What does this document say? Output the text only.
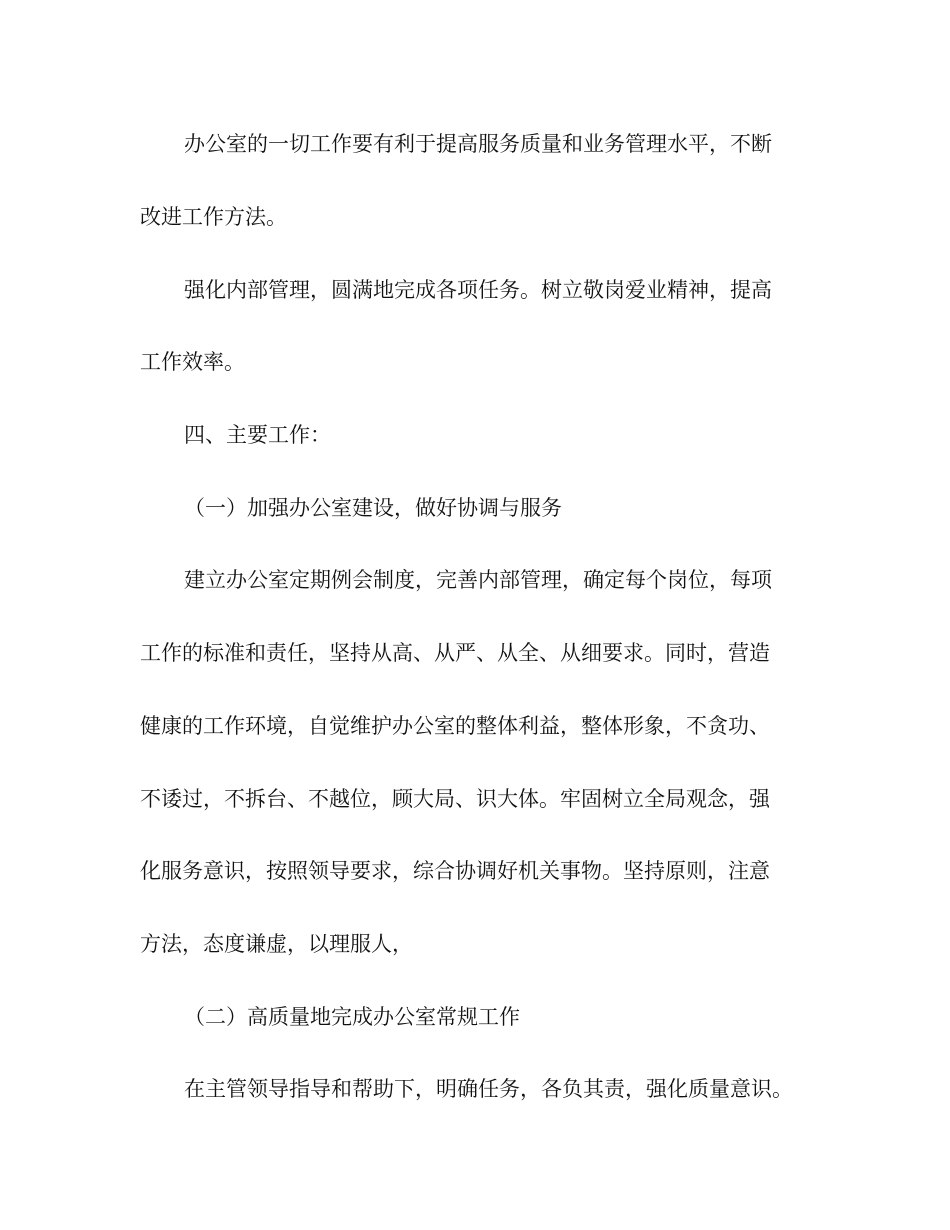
办公室的一切工作要有利于提高服务质量和业务管理水平，不断
改进工作方法。
强化内部管理，圆满地完成各项任务。树立敬岗爱业精神，提高
工作效率。
四、主要工作：
（一）加强办公室建设，做好协调与服务
建立办公室定期例会制度，完善内部管理，确定每个岗位，每项
工作的标准和责任，坚持从高、从严、从全、从细要求。同时，营造
健康的工作环境，自觉维护办公室的整体利益，整体形象，不贪功、
不诿过，不拆台、不越位，顾大局、识大体。牢固树立全局观念，强
化服务意识，按照领导要求，综合协调好机关事物。坚持原则，注意
方法，态度谦虚，以理服人，
（二）高质量地完成办公室常规工作
在主管领导指导和帮助下，明确任务，各负其责，强化质量意识。
